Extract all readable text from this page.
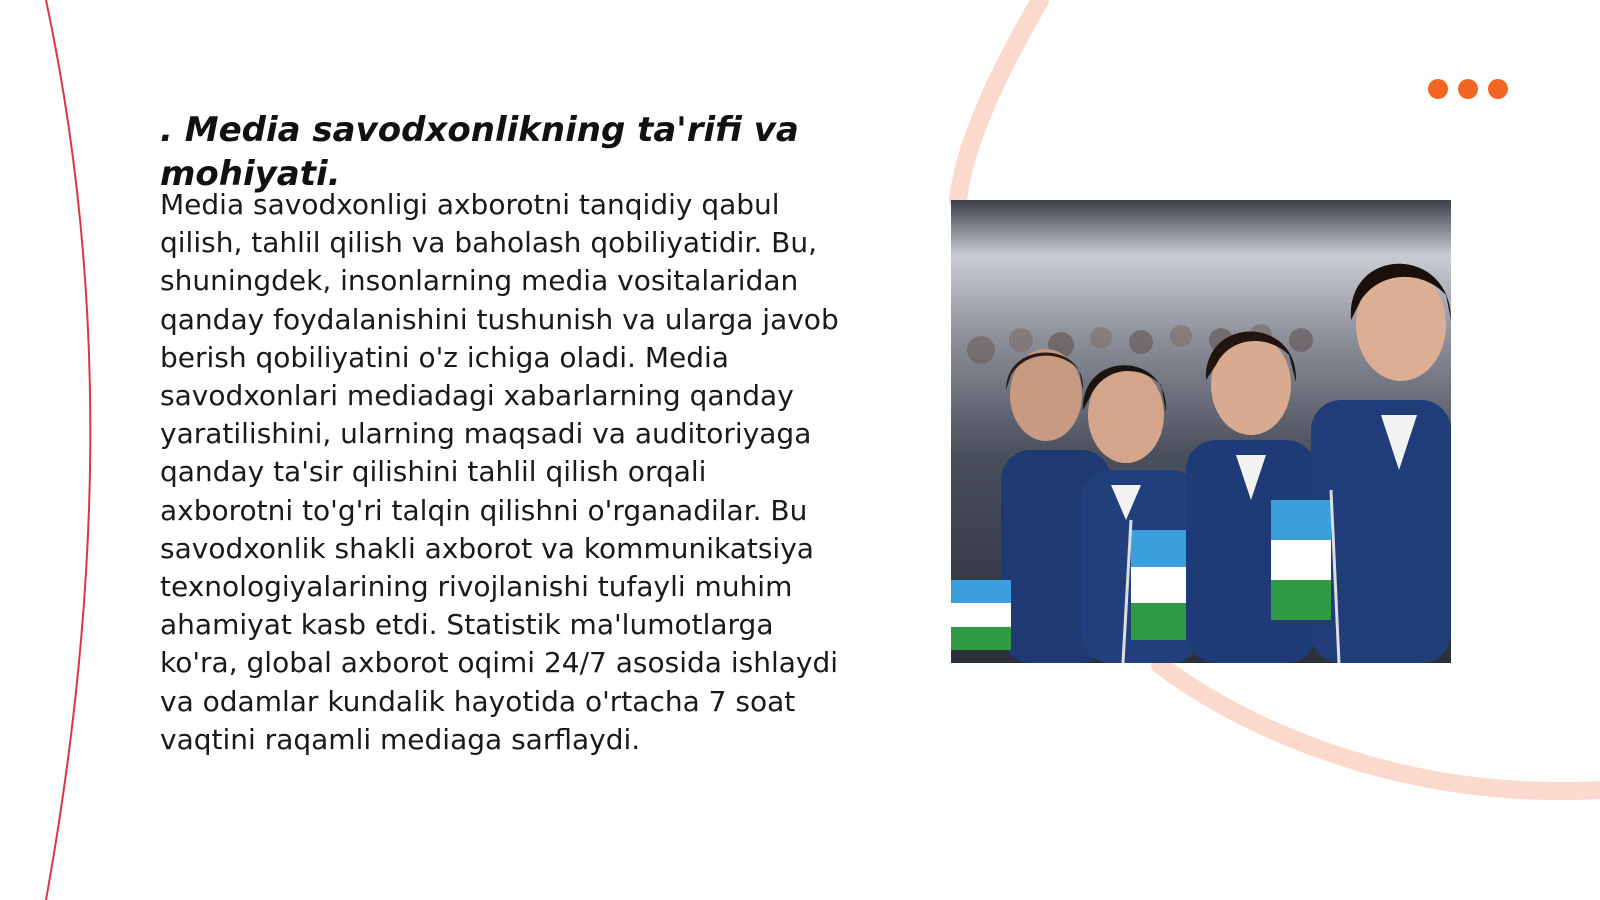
. Media savodxonlikning ta'rifi va mohiyati.

Media savodxonligi axborotni tanqidiy qabul qilish, tahlil qilish va baholash qobiliyatidir. Bu, shuningdek, insonlarning media vositalaridan qanday foydalanishini tushunish va ularga javob berish qobiliyatini o'z ichiga oladi. Media savodxonlari mediadagi xabarlarning qanday yaratilishini, ularning maqsadi va auditoriyaga qanday ta'sir qilishini tahlil qilish orqali axborotni to'g'ri talqin qilishni o'rganadilar. Bu savodxonlik shakli axborot va kommunikatsiya texnologiyalarining rivojlanishi tufayli muhim ahamiyat kasb etdi. Statistik ma'lumotlarga ko'ra, global axborot oqimi 24/7 asosida ishlaydi va odamlar kundalik hayotida o'rtacha 7 soat vaqtini raqamli mediaga sarflaydi.
